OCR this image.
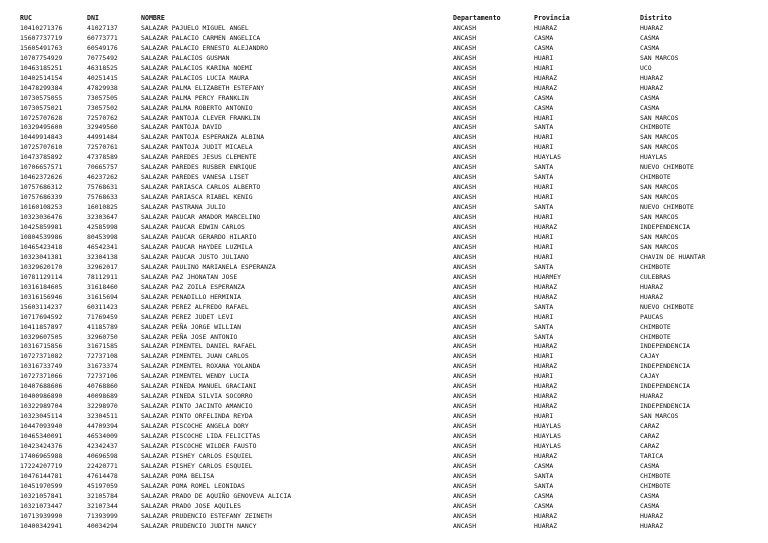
RUC	DNI	NOMBRE	Departamento	Provincia	Distrito
10410271376	41027137	SALAZAR PAJUELO MIGUEL ANGEL	ANCASH	HUARAZ	HUARAZ
15607737719	60773771	SALAZAR PALACIO CARMEN ANGELICA	ANCASH	CASMA	CASMA
15605491763	60549176	SALAZAR PALACIO ERNESTO ALEJANDRO	ANCASH	CASMA	CASMA
10707754929	70775492	SALAZAR PALACIOS GUSMAN	ANCASH	HUARI	SAN MARCOS
10463185251	46318525	SALAZAR PALACIOS KARINA NOEMI	ANCASH	HUARI	UCO
10402514154	40251415	SALAZAR PALACIOS LUCIA MAURA	ANCASH	HUARAZ	HUARAZ
10478299384	47829938	SALAZAR PALMA ELIZABETH ESTEFANY	ANCASH	HUARAZ	HUARAZ
10730575055	73057505	SALAZAR PALMA PERCY FRANKLIN	ANCASH	CASMA	CASMA
10730575021	73057502	SALAZAR PALMA ROBERTO ANTONIO	ANCASH	CASMA	CASMA
10725707628	72570762	SALAZAR PANTOJA CLEVER FRANKLIN	ANCASH	HUARI	SAN MARCOS
10329495600	32949560	SALAZAR PANTOJA DAVID	ANCASH	SANTA	CHIMBOTE
10449914843	44991484	SALAZAR PANTOJA ESPERANZA ALBINA	ANCASH	HUARI	SAN MARCOS
10725707610	72570761	SALAZAR PANTOJA JUDIT MICAELA	ANCASH	HUARI	SAN MARCOS
10473785892	47378589	SALAZAR PAREDES JESUS CLEMENTE	ANCASH	HUAYLAS	HUAYLAS
10706657571	70665757	SALAZAR PAREDES RUSBER ENRIQUE	ANCASH	SANTA	NUEVO CHIMBOTE
10462372626	46237262	SALAZAR PAREDES VANESA LISET	ANCASH	SANTA	CHIMBOTE
10757686312	75768631	SALAZAR PARIASCA CARLOS ALBERTO	ANCASH	HUARI	SAN MARCOS
10757686339	75768633	SALAZAR PARIASCA RIABEL KENIG	ANCASH	HUARI	SAN MARCOS
10160108253	16010825	SALAZAR PASTRANA JULIO	ANCASH	SANTA	NUEVO CHIMBOTE
10323036476	32303647	SALAZAR PAUCAR AMADOR MARCELINO	ANCASH	HUARI	SAN MARCOS
10425859981	42585998	SALAZAR PAUCAR EDWIN CARLOS	ANCASH	HUARAZ	INDEPENDENCIA
10804539986	80453998	SALAZAR PAUCAR GERARDO HILARIO	ANCASH	HUARI	SAN MARCOS
10465423418	46542341	SALAZAR PAUCAR HAYDEE LUZMILA	ANCASH	HUARI	SAN MARCOS
10323041381	32304138	SALAZAR PAUCAR JUSTO JULIANO	ANCASH	HUARI	CHAVIN DE HUANTAR
10329620170	32962017	SALAZAR PAULINO MARIANELA ESPERANZA	ANCASH	SANTA	CHIMBOTE
10781129114	78112911	SALAZAR PAZ JHONATAN JOSE	ANCASH	HUARMEY	CULEBRAS
10316184605	31618460	SALAZAR PAZ ZOILA ESPERANZA	ANCASH	HUARAZ	HUARAZ
10316156946	31615694	SALAZAR PENADILLO HERMINIA	ANCASH	HUARAZ	HUARAZ
15603114237	60311423	SALAZAR PEREZ ALFREDO RAFAEL	ANCASH	SANTA	NUEVO CHIMBOTE
10717694592	71769459	SALAZAR PEREZ JUDET LEVI	ANCASH	HUARI	PAUCAS
10411857897	41185789	SALAZAR PEÑA JORGE WILLIAN	ANCASH	SANTA	CHIMBOTE
10329607505	32960750	SALAZAR PEÑA JOSE ANTONIO	ANCASH	SANTA	CHIMBOTE
10316715856	31671585	SALAZAR PIMENTEL DANIEL RAFAEL	ANCASH	HUARAZ	INDEPENDENCIA
10727371082	72737108	SALAZAR PIMENTEL JUAN CARLOS	ANCASH	HUARI	CAJAY
10316733749	31673374	SALAZAR PIMENTEL ROXANA YOLANDA	ANCASH	HUARAZ	INDEPENDENCIA
10727371066	72737106	SALAZAR PIMENTEL WENDY LUCIA	ANCASH	HUARI	CAJAY
10407688606	40768860	SALAZAR PINEDA MANUEL GRACIANI	ANCASH	HUARAZ	INDEPENDENCIA
10400986890	40098689	SALAZAR PINEDA SILVIA SOCORRO	ANCASH	HUARAZ	HUARAZ
10322989704	32298970	SALAZAR PINTO JACINTO AMANCIO	ANCASH	HUARAZ	INDEPENDENCIA
10323045114	32304511	SALAZAR PINTO ORFELINDA REYDA	ANCASH	HUARI	SAN MARCOS
10447093940	44709394	SALAZAR PISCOCHE ANGELA DORY	ANCASH	HUAYLAS	CARAZ
10465340091	46534009	SALAZAR PISCOCHE LIDA FELICITAS	ANCASH	HUAYLAS	CARAZ
10423424376	42342437	SALAZAR PISCOCHE WILDER FAUSTO	ANCASH	HUAYLAS	CARAZ
17406965988	40696598	SALAZAR PISHEY CARLOS ESQUIEL	ANCASH	HUARAZ	TARICA
17224207719	22420771	SALAZAR PISHEY CARLOS ESQUIEL	ANCASH	CASMA	CASMA
10476144781	47614478	SALAZAR POMA BELISA	ANCASH	SANTA	CHIMBOTE
10451970599	45197059	SALAZAR POMA ROMEL LEONIDAS	ANCASH	SANTA	CHIMBOTE
10321057841	32105784	SALAZAR PRADO DE AQUIÑO GENOVEVA ALICIA	ANCASH	CASMA	CASMA
10321073447	32107344	SALAZAR PRADO JOSE AQUILES	ANCASH	CASMA	CASMA
10713939990	71393999	SALAZAR PRUDENCIO ESTEFANY ZEINETH	ANCASH	HUARAZ	HUARAZ
10400342941	40034294	SALAZAR PRUDENCIO JUDITH NANCY	ANCASH	HUARAZ	HUARAZ
